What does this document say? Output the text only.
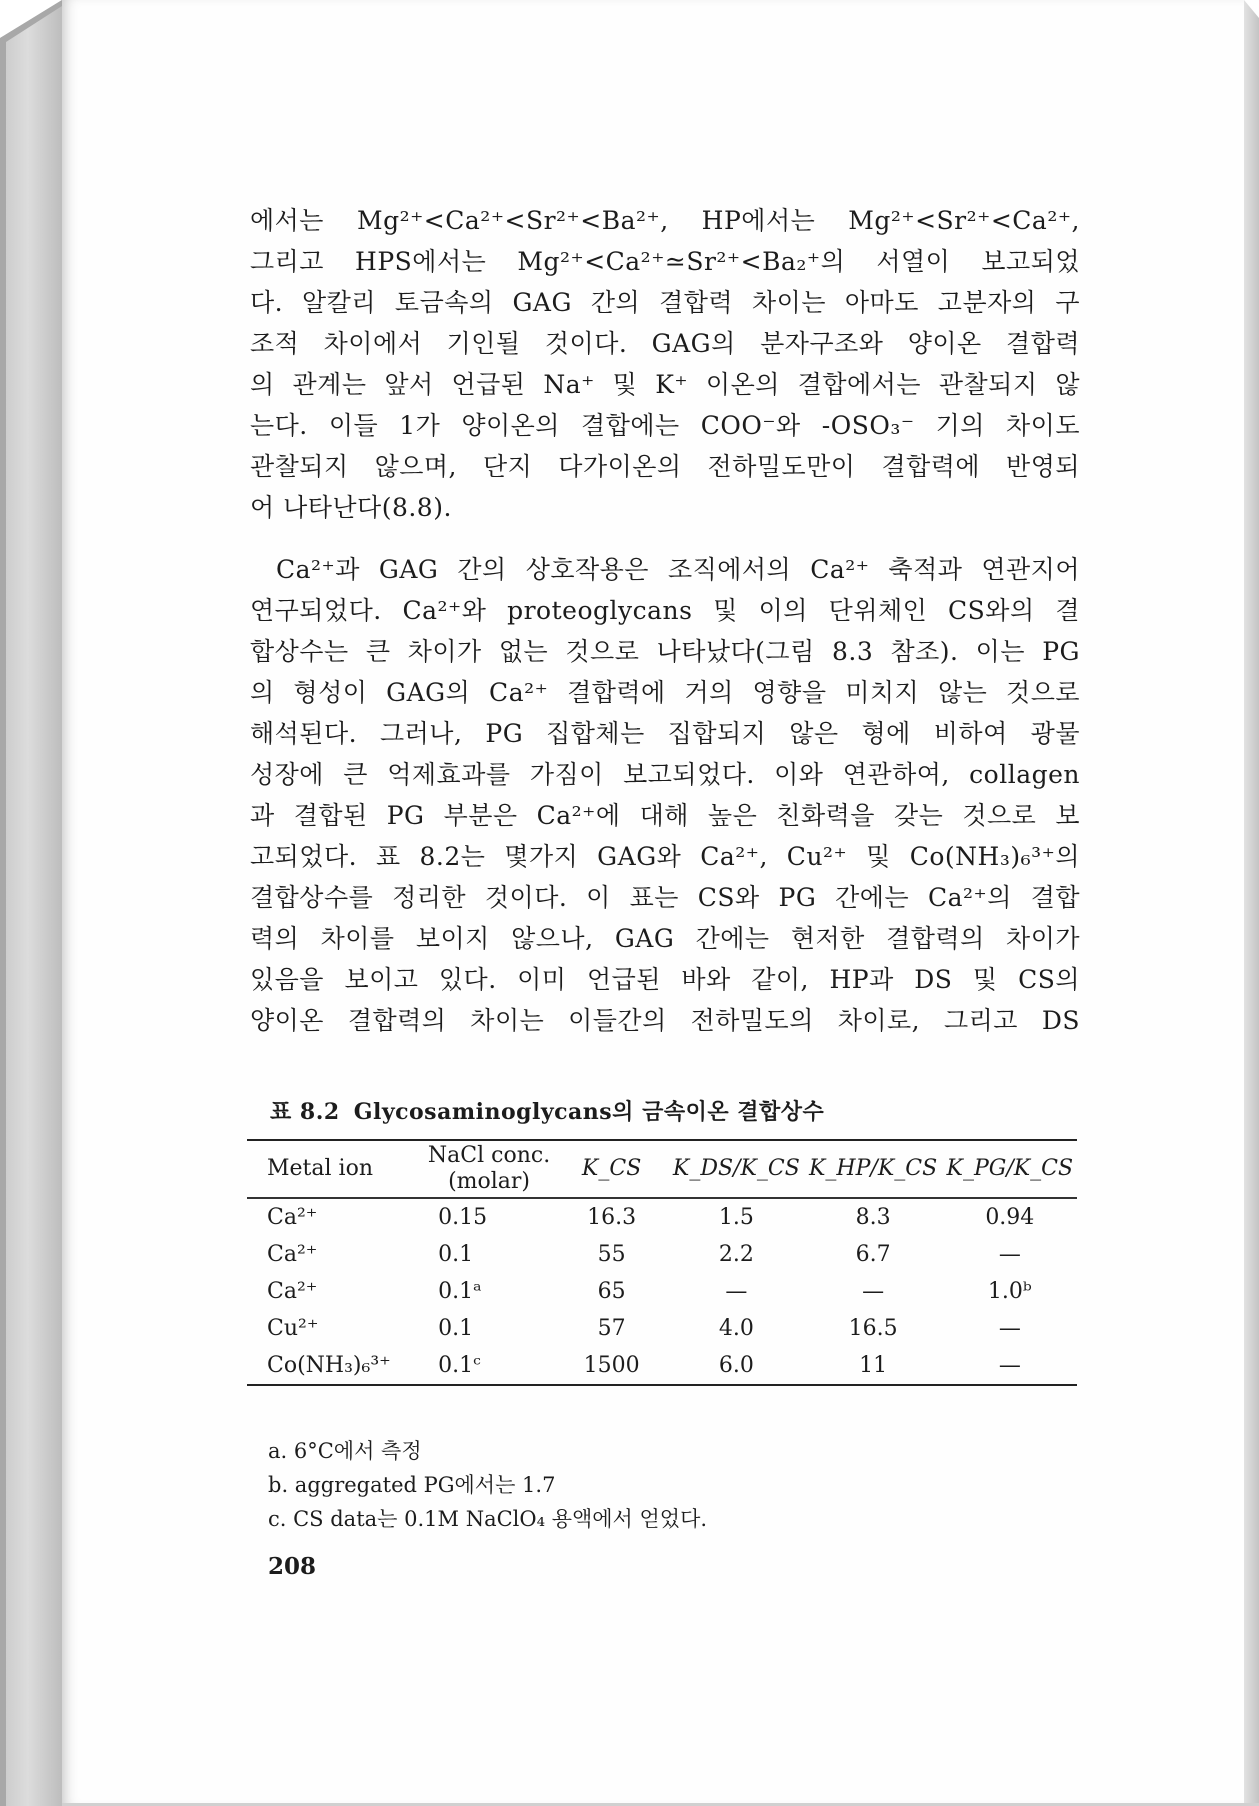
에서는 Mg²⁺<Ca²⁺<Sr²⁺<Ba²⁺, HP에서는 Mg²⁺<Sr²⁺<Ca²⁺,
그리고 HPS에서는 Mg²⁺<Ca²⁺≃Sr²⁺<Ba₂⁺의 서열이 보고되었
다. 알칼리 토금속의 GAG 간의 결합력 차이는 아마도 고분자의 구
조적 차이에서 기인될 것이다. GAG의 분자구조와 양이온 결합력
의 관계는 앞서 언급된 Na⁺ 및 K⁺ 이온의 결합에서는 관찰되지 않
는다. 이들 1가 양이온의 결합에는 COO⁻와 -OSO₃⁻ 기의 차이도
관찰되지 않으며, 단지 다가이온의 전하밀도만이 결합력에 반영되
어 나타난다(8.8).
Ca²⁺과 GAG 간의 상호작용은 조직에서의 Ca²⁺ 축적과 연관지어
연구되었다. Ca²⁺와 proteoglycans 및 이의 단위체인 CS와의 결
합상수는 큰 차이가 없는 것으로 나타났다(그림 8.3 참조). 이는 PG
의 형성이 GAG의 Ca²⁺ 결합력에 거의 영향을 미치지 않는 것으로
해석된다. 그러나, PG 집합체는 집합되지 않은 형에 비하여 광물
성장에 큰 억제효과를 가짐이 보고되었다. 이와 연관하여, collagen
과 결합된 PG 부분은 Ca²⁺에 대해 높은 친화력을 갖는 것으로 보
고되었다. 표 8.2는 몇가지 GAG와 Ca²⁺, Cu²⁺ 및 Co(NH₃)₆³⁺의
결합상수를 정리한 것이다. 이 표는 CS와 PG 간에는 Ca²⁺의 결합
력의 차이를 보이지 않으나, GAG 간에는 현저한 결합력의 차이가
있음을 보이고 있다. 이미 언급된 바와 같이, HP과 DS 및 CS의
양이온 결합력의 차이는 이들간의 전하밀도의 차이로, 그리고 DS
표 8.2 Glycosaminoglycans의 금속이온 결합상수
Metal ion	NaCl conc. (molar)	K_CS	K_DS/K_CS	K_HP/K_CS	K_PG/K_CS

Ca²⁺	0.15	16.3	1.5	8.3	0.94
Ca²⁺	0.1	55	2.2	6.7	—
Ca²⁺	0.1ᵃ	65	—	—	1.0ᵇ
Cu²⁺	0.1	57	4.0	16.5	—
Co(NH₃)₆³⁺	0.1ᶜ	1500	6.0	11	—
a. 6°C에서 측정
b. aggregated PG에서는 1.7
c. CS data는 0.1M NaClO₄ 용액에서 얻었다.
208
